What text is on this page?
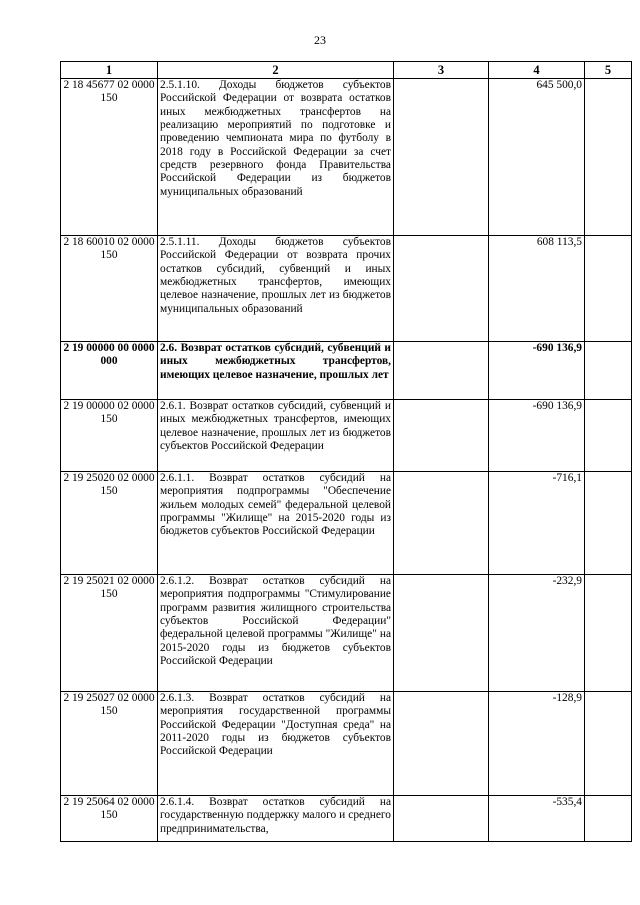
23
1	2	3	4	5
2 18 45677 02 0000 150	2.5.1.10. Доходы бюджетов субъектов Российской Федерации от возврата остатков иных межбюджетных трансфертов на реализацию мероприятий по подготовке и проведению чемпионата мира по футболу в 2018 году в Российской Федерации за счет средств резервного фонда Правительства Российской Федерации из бюджетов муниципальных образований		645 500,0	
2 18 60010 02 0000 150	2.5.1.11. Доходы бюджетов субъектов Российской Федерации от возврата прочих остатков субсидий, субвенций и иных межбюджетных трансфертов, имеющих целевое назначение, прошлых лет из бюджетов муниципальных образований		608 113,5	
2 19 00000 00 0000 000	2.6. Возврат остатков субсидий, субвенций и иных межбюджетных трансфертов, имеющих целевое назначение, прошлых лет		-690 136,9	
2 19 00000 02 0000 150	2.6.1. Возврат остатков субсидий, субвенций и иных межбюджетных трансфертов, имеющих целевое назначение, прошлых лет из бюджетов субъектов Российской Федерации		-690 136,9	
2 19 25020 02 0000 150	2.6.1.1. Возврат остатков субсидий на мероприятия подпрограммы "Обеспечение жильем молодых семей" федеральной целевой программы "Жилище" на 2015-2020 годы из бюджетов субъектов Российской Федерации		-716,1	
2 19 25021 02 0000 150	2.6.1.2. Возврат остатков субсидий на мероприятия подпрограммы "Стимулирование программ развития жилищного строительства субъектов Российской Федерации" федеральной целевой программы "Жилище" на 2015-2020 годы из бюджетов субъектов Российской Федерации		-232,9	
2 19 25027 02 0000 150	2.6.1.3. Возврат остатков субсидий на мероприятия государственной программы Российской Федерации "Доступная среда" на 2011-2020 годы из бюджетов субъектов Российской Федерации		-128,9	
2 19 25064 02 0000 150	2.6.1.4. Возврат остатков субсидий на государственную поддержку малого и среднего предпринимательства,		-535,4	
